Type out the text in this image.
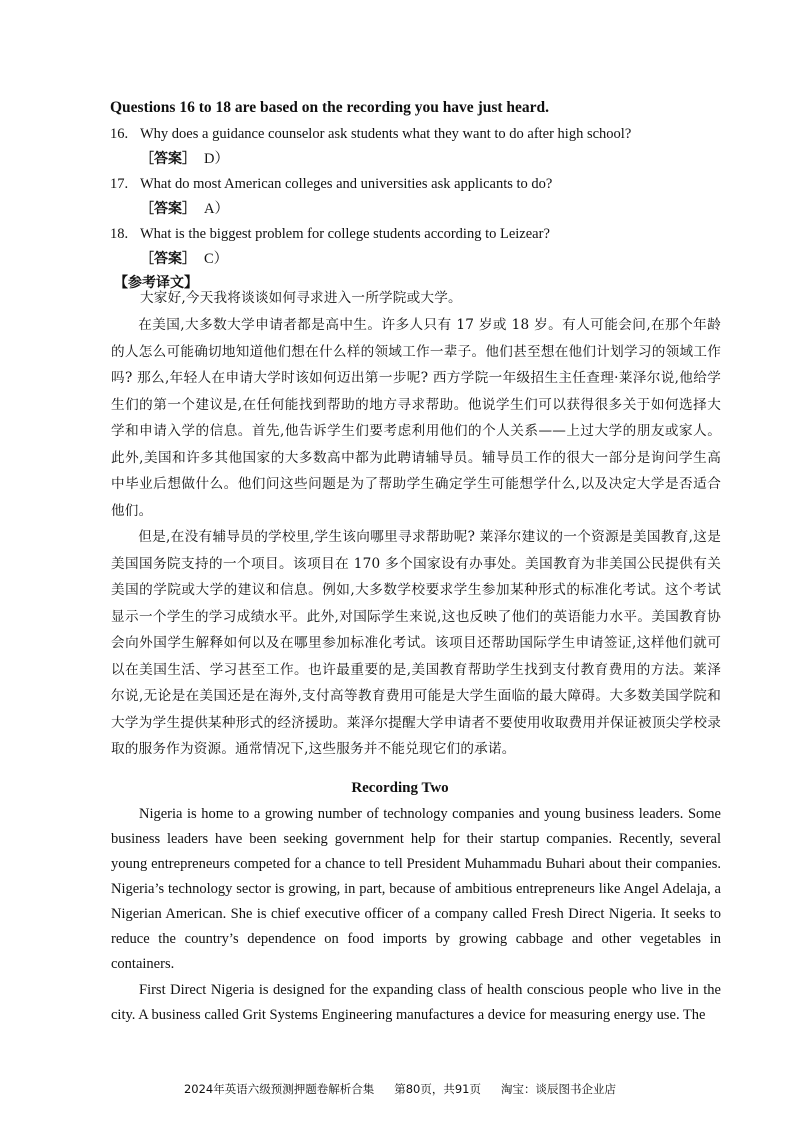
Questions 16 to 18 are based on the recording you have just heard.
16. Why does a guidance counselor ask students what they want to do after high school?
［答案］ D）
17. What do most American colleges and universities ask applicants to do?
［答案］ A）
18. What is the biggest problem for college students according to Leizear?
［答案］ C）
【参考译文】

大家好,今天我将谈谈如何寻求进入一所学院或大学。

在美国,大多数大学申请者都是高中生。许多人只有 17 岁或 18 岁。有人可能会问,在那个年龄的人怎么可能确切地知道他们想在什么样的领域工作一辈子。他们甚至想在他们计划学习的领域工作吗? 那么,年轻人在申请大学时该如何迈出第一步呢? 西方学院一年级招生主任查理·莱泽尔说,他给学生们的第一个建议是,在任何能找到帮助的地方寻求帮助。他说学生们可以获得很多关于如何选择大学和申请入学的信息。首先,他告诉学生们要考虑利用他们的个人关系——上过大学的朋友或家人。此外,美国和许多其他国家的大多数高中都为此聘请辅导员。辅导员工作的很大一部分是询问学生高中毕业后想做什么。他们问这些问题是为了帮助学生确定学生可能想学什么,以及决定大学是否适合他们。

但是,在没有辅导员的学校里,学生该向哪里寻求帮助呢? 莱泽尔建议的一个资源是美国教育,这是美国国务院支持的一个项目。该项目在 170 多个国家设有办事处。美国教育为非美国公民提供有关美国的学院或大学的建议和信息。例如,大多数学校要求学生参加某种形式的标准化考试。这个考试显示一个学生的学习成绩水平。此外,对国际学生来说,这也反映了他们的英语能力水平。美国教育协会向外国学生解释如何以及在哪里参加标准化考试。该项目还帮助国际学生申请签证,这样他们就可以在美国生活、学习甚至工作。也许最重要的是,美国教育帮助学生找到支付教育费用的方法。莱泽尔说,无论是在美国还是在海外,支付高等教育费用可能是大学生面临的最大障碍。大多数美国学院和大学为学生提供某种形式的经济援助。莱泽尔提醒大学申请者不要使用收取费用并保证被顶尖学校录取的服务作为资源。通常情况下,这些服务并不能兑现它们的承诺。

Recording Two

Nigeria is home to a growing number of technology companies and young business leaders. Some business leaders have been seeking government help for their startup companies. Recently, several young entrepreneurs competed for a chance to tell President Muhammadu Buhari about their companies. Nigeria’s technology sector is growing, in part, because of ambitious entrepreneurs like Angel Adelaja, a Nigerian American. She is chief executive officer of a company called Fresh Direct Nigeria. It seeks to reduce the country’s dependence on food imports by growing cabbage and other vegetables in containers.

First Direct Nigeria is designed for the expanding class of health conscious people who live in the city. A business called Grit Systems Engineering manufactures a device for measuring energy use. The

2024年英语六级预测押题卷解析合集 第80页，共91页 淘宝：谈辰图书企业店
